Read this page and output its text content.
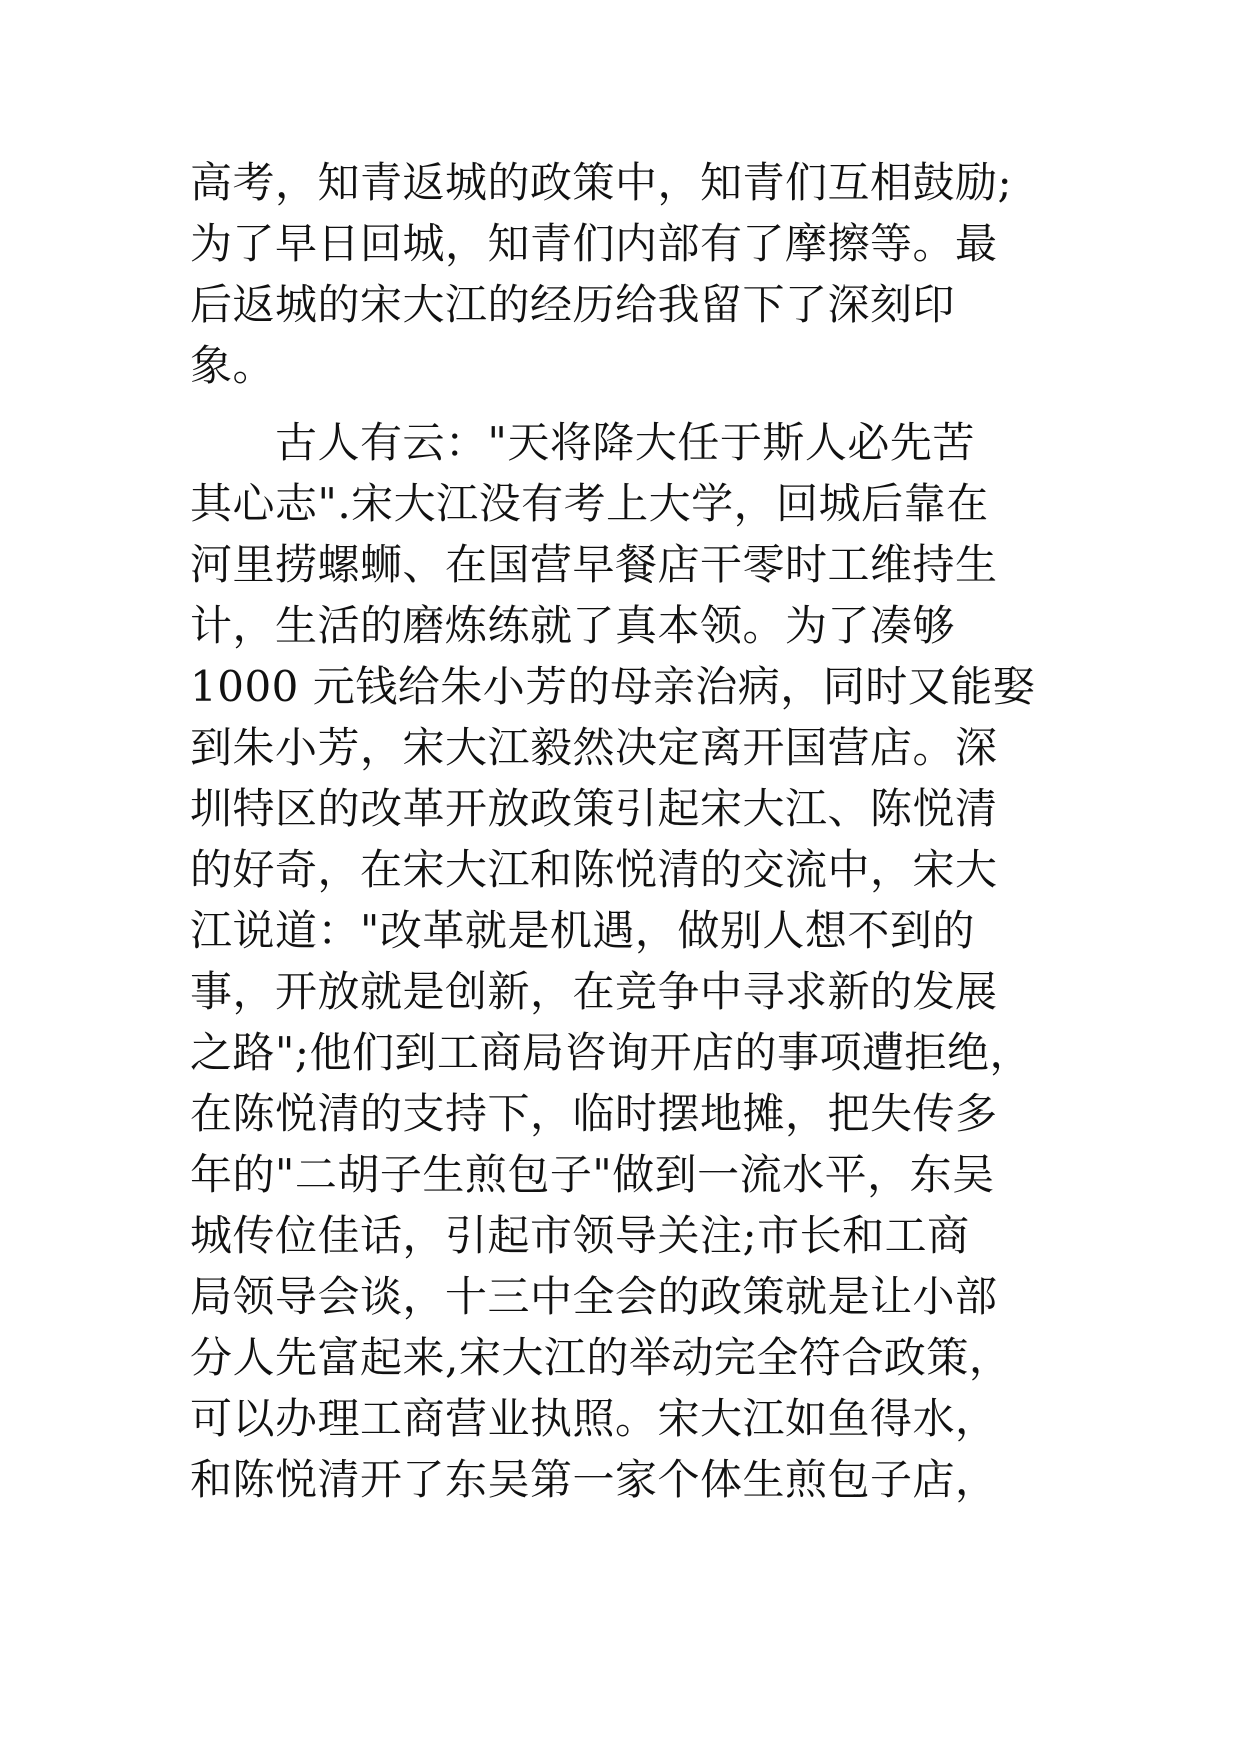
高考，知青返城的政策中，知青们互相鼓励;
为了早日回城，知青们内部有了摩擦等。最
后返城的宋大江的经历给我留下了深刻印
象。
　　古人有云："天将降大任于斯人必先苦
其心志".宋大江没有考上大学，回城后靠在
河里捞螺蛳、在国营早餐店干零时工维持生
计，生活的磨炼练就了真本领。为了凑够
1000 元钱给朱小芳的母亲治病，同时又能娶
到朱小芳，宋大江毅然决定离开国营店。深
圳特区的改革开放政策引起宋大江、陈悦清
的好奇，在宋大江和陈悦清的交流中，宋大
江说道："改革就是机遇，做别人想不到的
事，开放就是创新，在竞争中寻求新的发展
之路";他们到工商局咨询开店的事项遭拒绝，
在陈悦清的支持下，临时摆地摊，把失传多
年的"二胡子生煎包子"做到一流水平，东吴
城传位佳话，引起市领导关注;市长和工商
局领导会谈，十三中全会的政策就是让小部
分人先富起来,宋大江的举动完全符合政策，
可以办理工商营业执照。宋大江如鱼得水，
和陈悦清开了东吴第一家个体生煎包子店，
